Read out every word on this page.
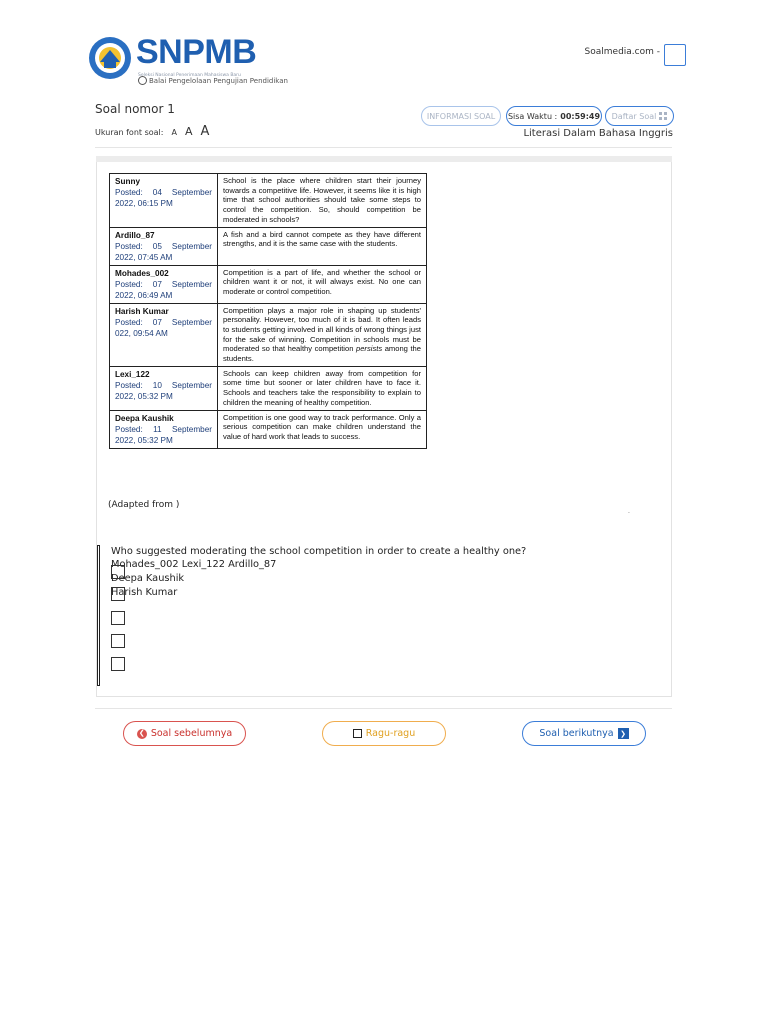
SNPMB
Seleksi Nasional Penerimaan Mahasiswa Baru
Balai Pengelolaan Pengujian Pendidikan
Soalmedia.com -
Soal nomor 1
Ukuran font soal: A A A
INFORMASI SOAL Sisa Waktu : 00:59:49 Daftar Soal
Literasi Dalam Bahasa Inggris
Sunny
Posted: 04 September 2022, 06:15 PM	School is the place where children start their journey towards a competitive life. However, it seems like it is high time that school authorities should take some steps to control the competition. So, should competition be moderated in schools?

Ardillo_87
Posted: 05 September 2022, 07:45 AM	A fish and a bird cannot compete as they have different strengths, and it is the same case with the students.

Mohades_002
Posted: 07 September 2022, 06:49 AM	Competition is a part of life, and whether the school or children want it or not, it will always exist. No one can moderate or control competition.

Harish Kumar
Posted: 07 September 022, 09:54 AM	Competition plays a major role in shaping up students' personality. However, too much of it is bad. It often leads to students getting involved in all kinds of wrong things just for the sake of winning. Competition in schools must be moderated so that healthy competition persists among the students.

Lexi_122
Posted: 10 September 2022, 05:32 PM	Schools can keep children away from competition for some time but sooner or later children have to face it. Schools and teachers take the responsibility to explain to children the meaning of healthy competition.

Deepa Kaushik
Posted: 11 September 2022, 05:32 PM	Competition is one good way to track performance. Only a serious competition can make children understand the value of hard work that leads to success.
(Adapted from )
.
Who suggested moderating the school competition in order to create a healthy one?
Mohades_002 Lexi_122 Ardillo_87
Deepa Kaushik
Harish Kumar
❮ Soal sebelumnya	Ragu-ragu	Soal berikutnya ❯
